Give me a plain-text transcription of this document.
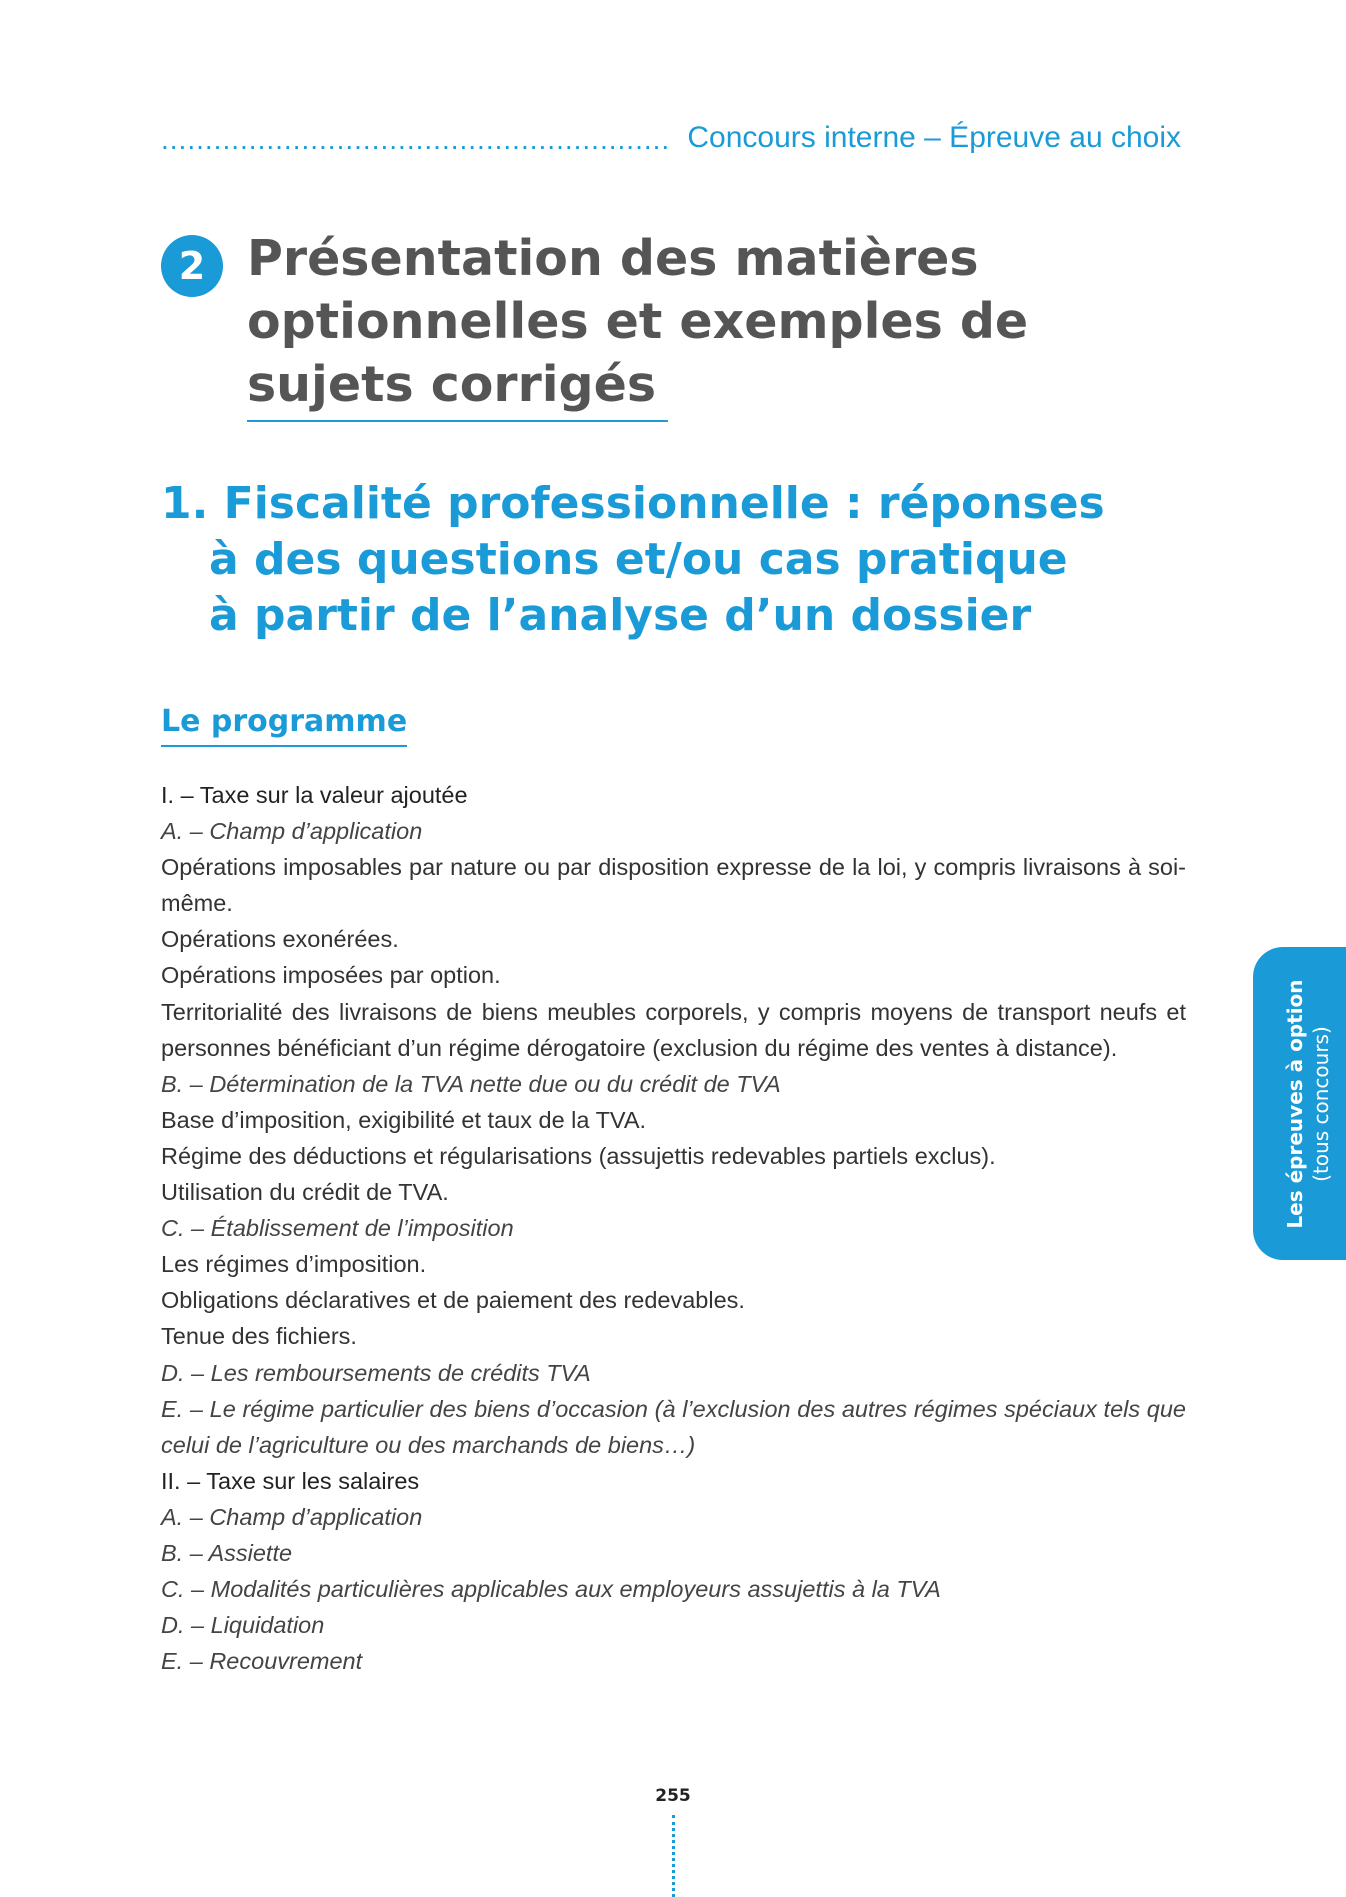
.......................................................... Concours interne – Épreuve au choix
2 Présentation des matières optionnelles et exemples de sujets corrigés
1. Fiscalité professionnelle : réponses
à des questions et/ou cas pratique
à partir de l’analyse d’un dossier
Le programme

I. – Taxe sur la valeur ajoutée

A. – Champ d’application

Opérations imposables par nature ou par disposition expresse de la loi, y compris livraisons à soi-même.

Opérations exonérées.

Opérations imposées par option.

Territorialité des livraisons de biens meubles corporels, y compris moyens de transport neufs et personnes bénéficiant d’un régime dérogatoire (exclusion du régime des ventes à distance).

B. – Détermination de la TVA nette due ou du crédit de TVA

Base d’imposition, exigibilité et taux de la TVA.

Régime des déductions et régularisations (assujettis redevables partiels exclus).

Utilisation du crédit de TVA.

C. – Établissement de l’imposition

Les régimes d’imposition.

Obligations déclaratives et de paiement des redevables.

Tenue des fichiers.

D. – Les remboursements de crédits TVA

E. – Le régime particulier des biens d’occasion (à l’exclusion des autres régimes spéciaux tels que celui de l’agriculture ou des marchands de biens…)

II. – Taxe sur les salaires

A. – Champ d’application

B. – Assiette

C. – Modalités particulières applicables aux employeurs assujettis à la TVA

D. – Liquidation

E. – Recouvrement

Les épreuves à option (tous concours)
255
